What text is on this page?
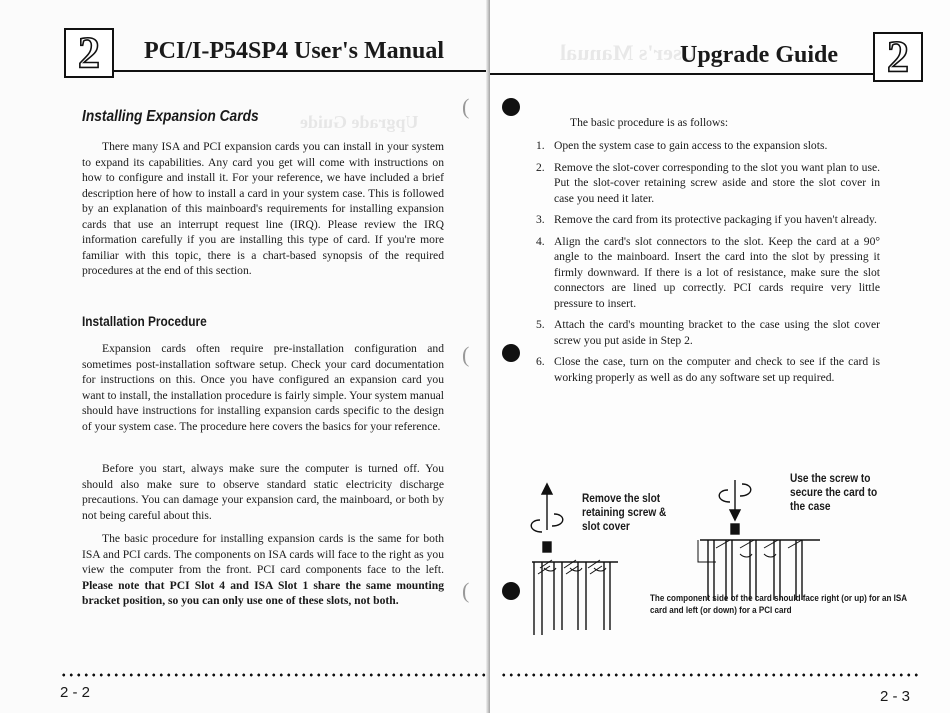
2 PCI/I-P54SP4 User's Manual
Upgrade Guide
Installing Expansion Cards
There many ISA and PCI expansion cards you can install in your system to expand its capabilities. Any card you get will come with instructions on how to configure and install it. For your reference, we have included a brief description here of how to install a card in your system case. This is followed by an explanation of this mainboard's requirements for installing expansion cards that use an interrupt request line (IRQ). Please review the IRQ information carefully if you are installing this type of card. If you're more familiar with this topic, there is a chart-based synopsis of the required procedures at the end of this section.
Installation Procedure
Expansion cards often require pre-installation configuration and sometimes post-installation software setup. Check your card documentation for instructions on this. Once you have configured an expansion card you want to install, the installation procedure is fairly simple. Your system manual should have instructions for installing expansion cards specific to the design of your system case. The procedure here covers the basics for your reference.
Before you start, always make sure the computer is turned off. You should also make sure to observe standard static electricity discharge precautions. You can damage your expansion card, the mainboard, or both by not being careful about this.
The basic procedure for installing expansion cards is the same for both ISA and PCI cards. The components on ISA cards will face to the right as you view the computer from the front. PCI card components face to the left. Please note that PCI Slot 4 and ISA Slot 1 share the same mounting bracket position, so you can only use one of these slots, not both.
(
(
(
2 - 2
User's Manual
Upgrade Guide 2
The basic procedure is as follows:
1. Open the system case to gain access to the expansion slots.
2. Remove the slot-cover corresponding to the slot you want plan to use. Put the slot-cover retaining screw aside and store the slot cover in case you need it later.
3. Remove the card from its protective packaging if you haven't already.
4. Align the card's slot connectors to the slot. Keep the card at a 90° angle to the mainboard. Insert the card into the slot by pressing it firmly downward. If there is a lot of resistance, make sure the slot connectors are lined up correctly. PCI cards require very little pressure to insert.
5. Attach the card's mounting bracket to the case using the slot cover screw you put aside in Step 2.
6. Close the case, turn on the computer and check to see if the card is working properly as well as do any software set up required.
Remove the slot retaining screw & slot cover
Use the screw to secure the card to the case
The component side of the card should face right (or up) for an ISA card and left (or down) for a PCI card
2 - 3
